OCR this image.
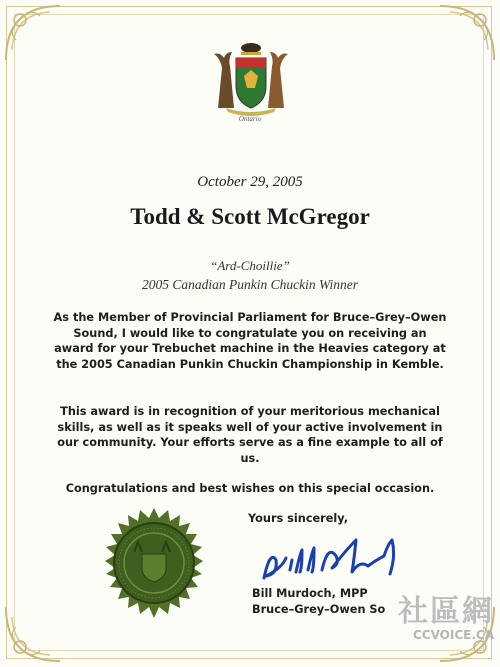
Ontario
October 29, 2005
Todd & Scott McGregor
“Ard-Choillie”
2005 Canadian Punkin Chuckin Winner
As the Member of Provincial Parliament for Bruce–Grey–Owen Sound, I would like to congratulate you on receiving an award for your Trebuchet machine in the Heavies category at the 2005 Canadian Punkin Chuckin Championship in Kemble.
This award is in recognition of your meritorious mechanical skills, as well as it speaks well of your active involvement in our community. Your efforts serve as a fine example to all of us.
Congratulations and best wishes on this special occasion.
Yours sincerely,
Bill Murdoch, MPP
Bruce–Grey–Owen So 社區網
CCVOICE.CA
